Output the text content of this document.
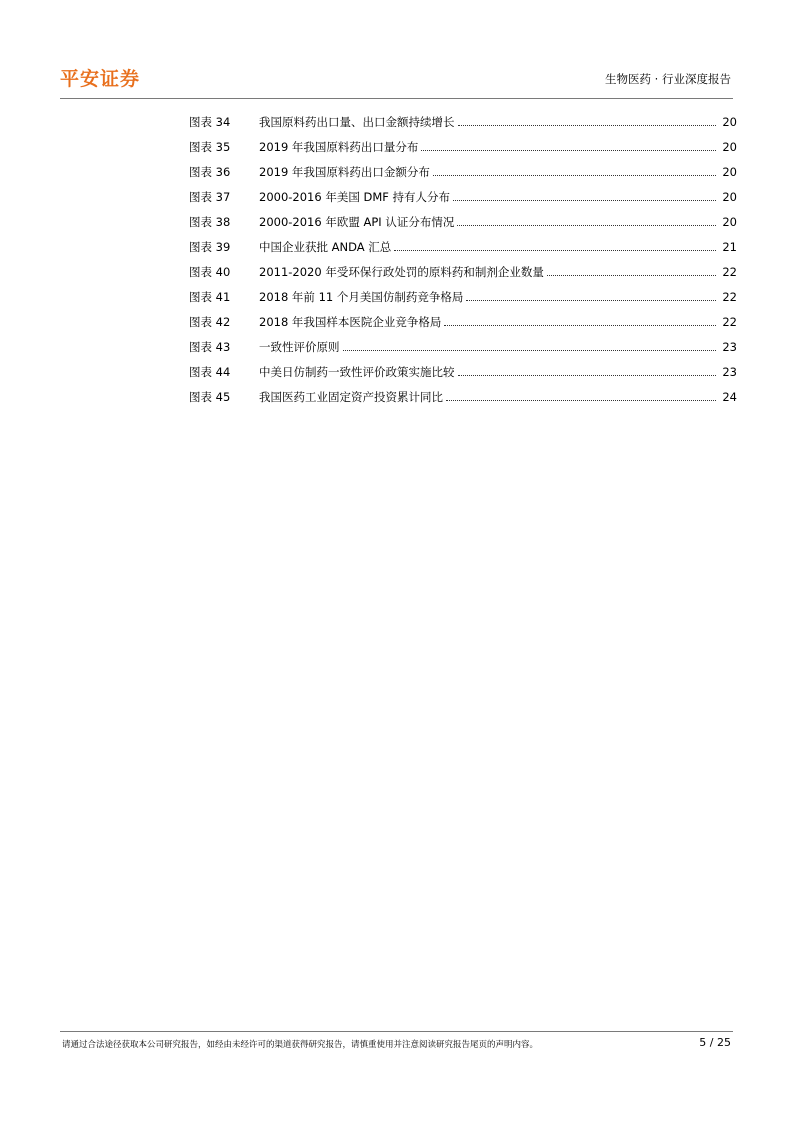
平安证券	生物医药 · 行业深度报告
图表 34	我国原料药出口量、出口金额持续增长	20
图表 35	2019 年我国原料药出口量分布	20
图表 36	2019 年我国原料药出口金额分布	20
图表 37	2000-2016 年美国 DMF 持有人分布	20
图表 38	2000-2016 年欧盟 API 认证分布情况	20
图表 39	中国企业获批 ANDA 汇总	21
图表 40	2011-2020 年受环保行政处罚的原料药和制剂企业数量	22
图表 41	2018 年前 11 个月美国仿制药竞争格局	22
图表 42	2018 年我国样本医院企业竞争格局	22
图表 43	一致性评价原则	23
图表 44	中美日仿制药一致性评价政策实施比较	23
图表 45	我国医药工业固定资产投资累计同比	24
请通过合法途径获取本公司研究报告，如经由未经许可的渠道获得研究报告，请慎重使用并注意阅读研究报告尾页的声明内容。	5 / 25
